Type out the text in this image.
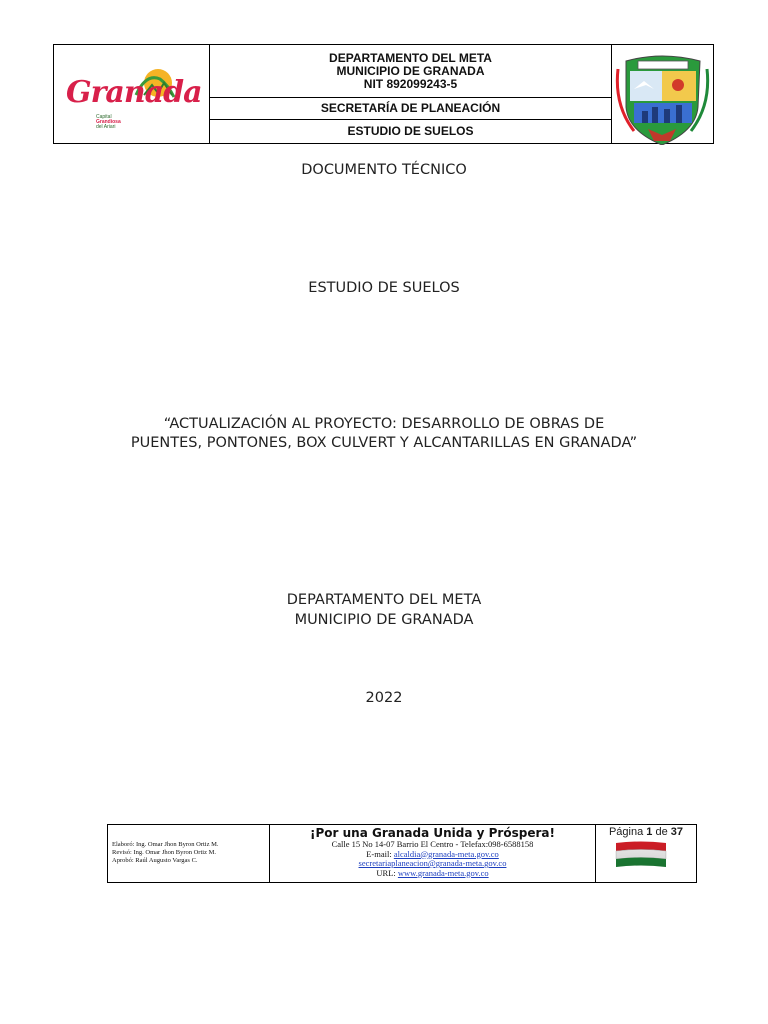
Granada
Capital
Grandiosa
del Ariari
DEPARTAMENTO DEL META
MUNICIPIO DE GRANADA
NIT 892099243-5
SECRETARÍA DE PLANEACIÓN
ESTUDIO DE SUELOS
DOCUMENTO TÉCNICO
ESTUDIO DE SUELOS
“ACTUALIZACIÓN AL PROYECTO: DESARROLLO DE OBRAS DE
PUENTES, PONTONES, BOX CULVERT Y ALCANTARILLAS EN GRANADA”
DEPARTAMENTO DEL META
MUNICIPIO DE GRANADA
2022
Elaboró: Ing. Omar Jhon Byron Ortiz M.
Revisó: Ing. Omar Jhon Byron Ortiz M.
Aprobó: Raúl Augusto Vargas C.
¡Por una Granada Unida y Próspera!
Calle 15 No 14-07 Barrio El Centro - Telefax:098-6588158
E-mail: alcaldia@granada-meta.gov.co
secretariaplaneacion@granada-meta.gov.co
URL: www.granada-meta.gov.co
Página 1 de 37
